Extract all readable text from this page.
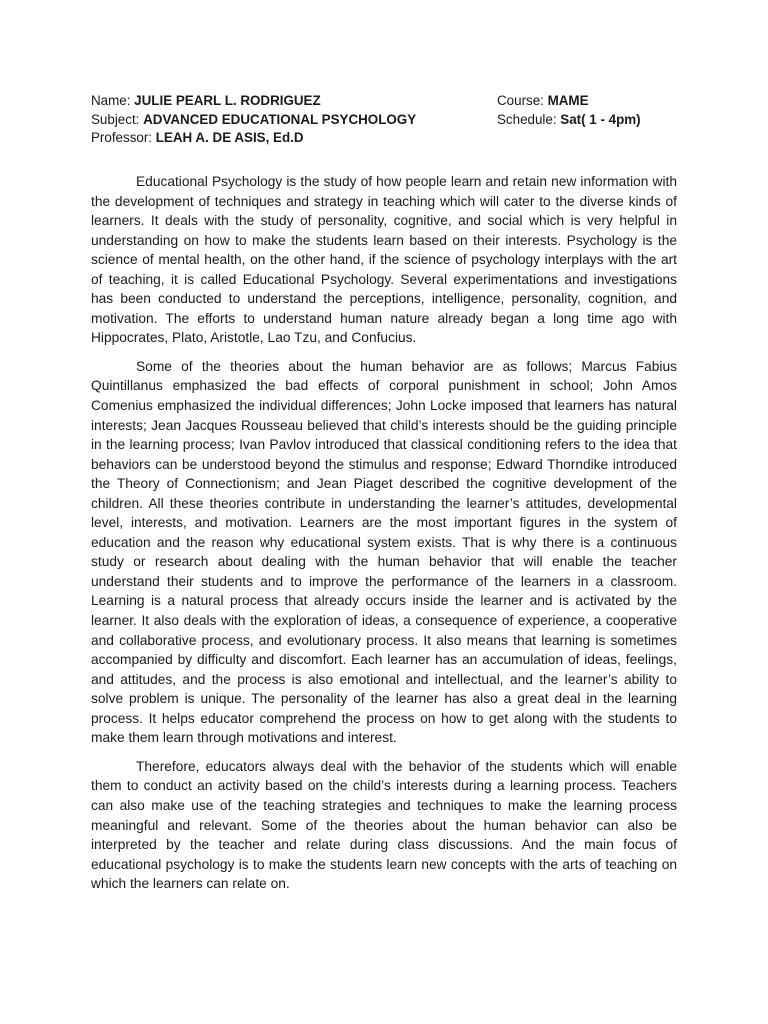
Name: JULIE PEARL L. RODRIGUEZ	Course: MAME
Subject: ADVANCED EDUCATIONAL PSYCHOLOGY	Schedule: Sat( 1 - 4pm)
Professor: LEAH A. DE ASIS, Ed.D

Educational Psychology is the study of how people learn and retain new information with the development of techniques and strategy in teaching which will cater to the diverse kinds of learners. It deals with the study of personality, cognitive, and social which is very helpful in understanding on how to make the students learn based on their interests. Psychology is the science of mental health, on the other hand, if the science of psychology interplays with the art of teaching, it is called Educational Psychology. Several experimentations and investigations has been conducted to understand the perceptions, intelligence, personality, cognition, and motivation. The efforts to understand human nature already began a long time ago with Hippocrates, Plato, Aristotle, Lao Tzu, and Confucius.

Some of the theories about the human behavior are as follows; Marcus Fabius Quintillanus emphasized the bad effects of corporal punishment in school; John Amos Comenius emphasized the individual differences; John Locke imposed that learners has natural interests; Jean Jacques Rousseau believed that child’s interests should be the guiding principle in the learning process; Ivan Pavlov introduced that classical conditioning refers to the idea that behaviors can be understood beyond the stimulus and response; Edward Thorndike introduced the Theory of Connectionism; and Jean Piaget described the cognitive development of the children. All these theories contribute in understanding the learner’s attitudes, developmental level, interests, and motivation. Learners are the most important figures in the system of education and the reason why educational system exists. That is why there is a continuous study or research about dealing with the human behavior that will enable the teacher understand their students and to improve the performance of the learners in a classroom. Learning is a natural process that already occurs inside the learner and is activated by the learner. It also deals with the exploration of ideas, a consequence of experience, a cooperative and collaborative process, and evolutionary process. It also means that learning is sometimes accompanied by difficulty and discomfort. Each learner has an accumulation of ideas, feelings, and attitudes, and the process is also emotional and intellectual, and the learner’s ability to solve problem is unique. The personality of the learner has also a great deal in the learning process. It helps educator comprehend the process on how to get along with the students to make them learn through motivations and interest.

Therefore, educators always deal with the behavior of the students which will enable them to conduct an activity based on the child’s interests during a learning process. Teachers can also make use of the teaching strategies and techniques to make the learning process meaningful and relevant. Some of the theories about the human behavior can also be interpreted by the teacher and relate during class discussions. And the main focus of educational psychology is to make the students learn new concepts with the arts of teaching on which the learners can relate on.
